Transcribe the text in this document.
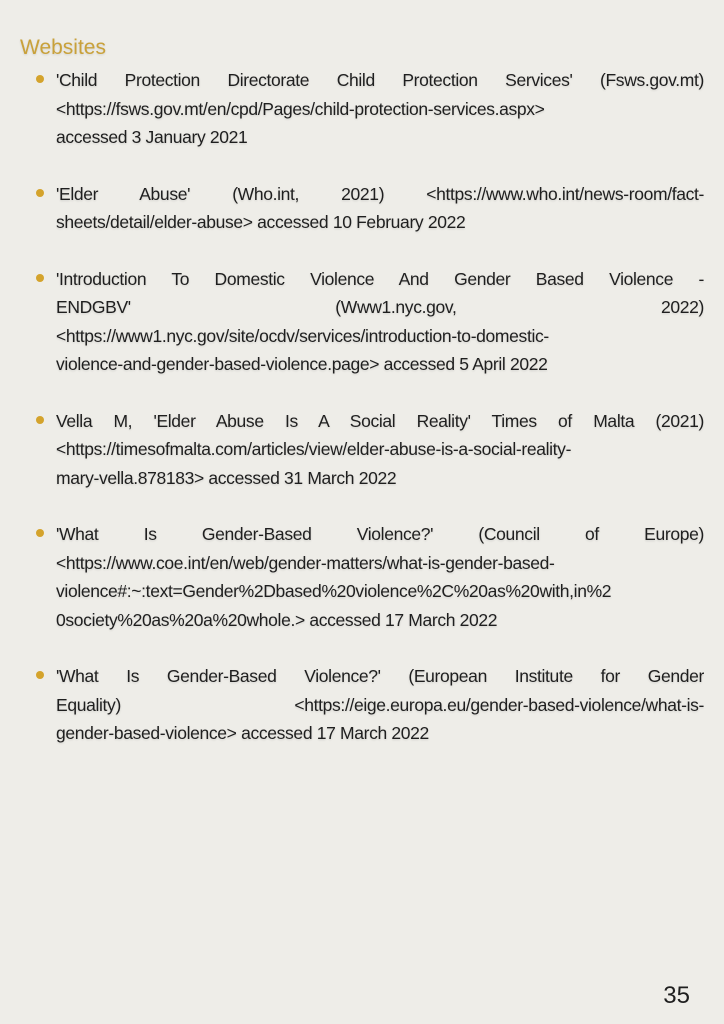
Websites
'Child Protection Directorate Child Protection Services' (Fsws.gov.mt)
<https://fsws.gov.mt/en/cpd/Pages/child-protection-services.aspx>
accessed 3 January 2021
'Elder Abuse' (Who.int, 2021) <https://www.who.int/news-room/fact-
sheets/detail/elder-abuse> accessed 10 February 2022
'Introduction To Domestic Violence And Gender Based Violence -
ENDGBV' (Www1.nyc.gov, 2022)
<https://www1.nyc.gov/site/ocdv/services/introduction-to-domestic-
violence-and-gender-based-violence.page> accessed 5 April 2022
Vella M, 'Elder Abuse Is A Social Reality' Times of Malta (2021)
<https://timesofmalta.com/articles/view/elder-abuse-is-a-social-reality-
mary-vella.878183> accessed 31 March 2022
'What Is Gender-Based Violence?' (Council of Europe)
<https://www.coe.int/en/web/gender-matters/what-is-gender-based-
violence#:~:text=Gender%2Dbased%20violence%2C%20as%20with,in%2
0society%20as%20a%20whole.> accessed 17 March 2022
'What Is Gender-Based Violence?' (European Institute for Gender
Equality) <https://eige.europa.eu/gender-based-violence/what-is-
gender-based-violence> accessed 17 March 2022
35
